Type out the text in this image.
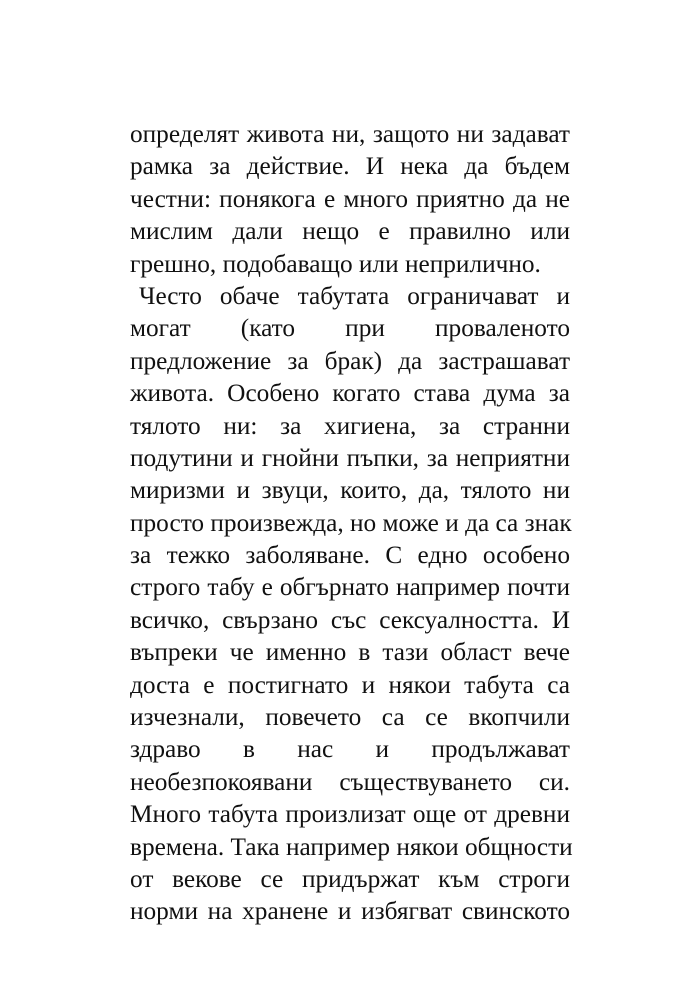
определят живота ни, защото ни задават
рамка за действие. И нека да бъдем
честни: понякога е много приятно да не
мислим дали нещо е правилно или
грешно, подобаващо или неприлично.
Често обаче табутата ограничават и
могат (като при проваленото
предложение за брак) да застрашават
живота. Особено когато става дума за
тялото ни: за хигиена, за странни
подутини и гнойни пъпки, за неприятни
миризми и звуци, които, да, тялото ни
просто произвежда, но може и да са знак
за тежко заболяване. С едно особено
строго табу е обгърнато например почти
всичко, свързано със сексуалността. И
въпреки че именно в тази област вече
доста е постигнато и някои табута са
изчезнали, повечето са се вкопчили
здраво в нас и продължават
необезпокоявани съществуването си.
Много табута произлизат още от древни
времена. Така например някои общности
от векове се придържат към строги
норми на хранене и избягват свинското
